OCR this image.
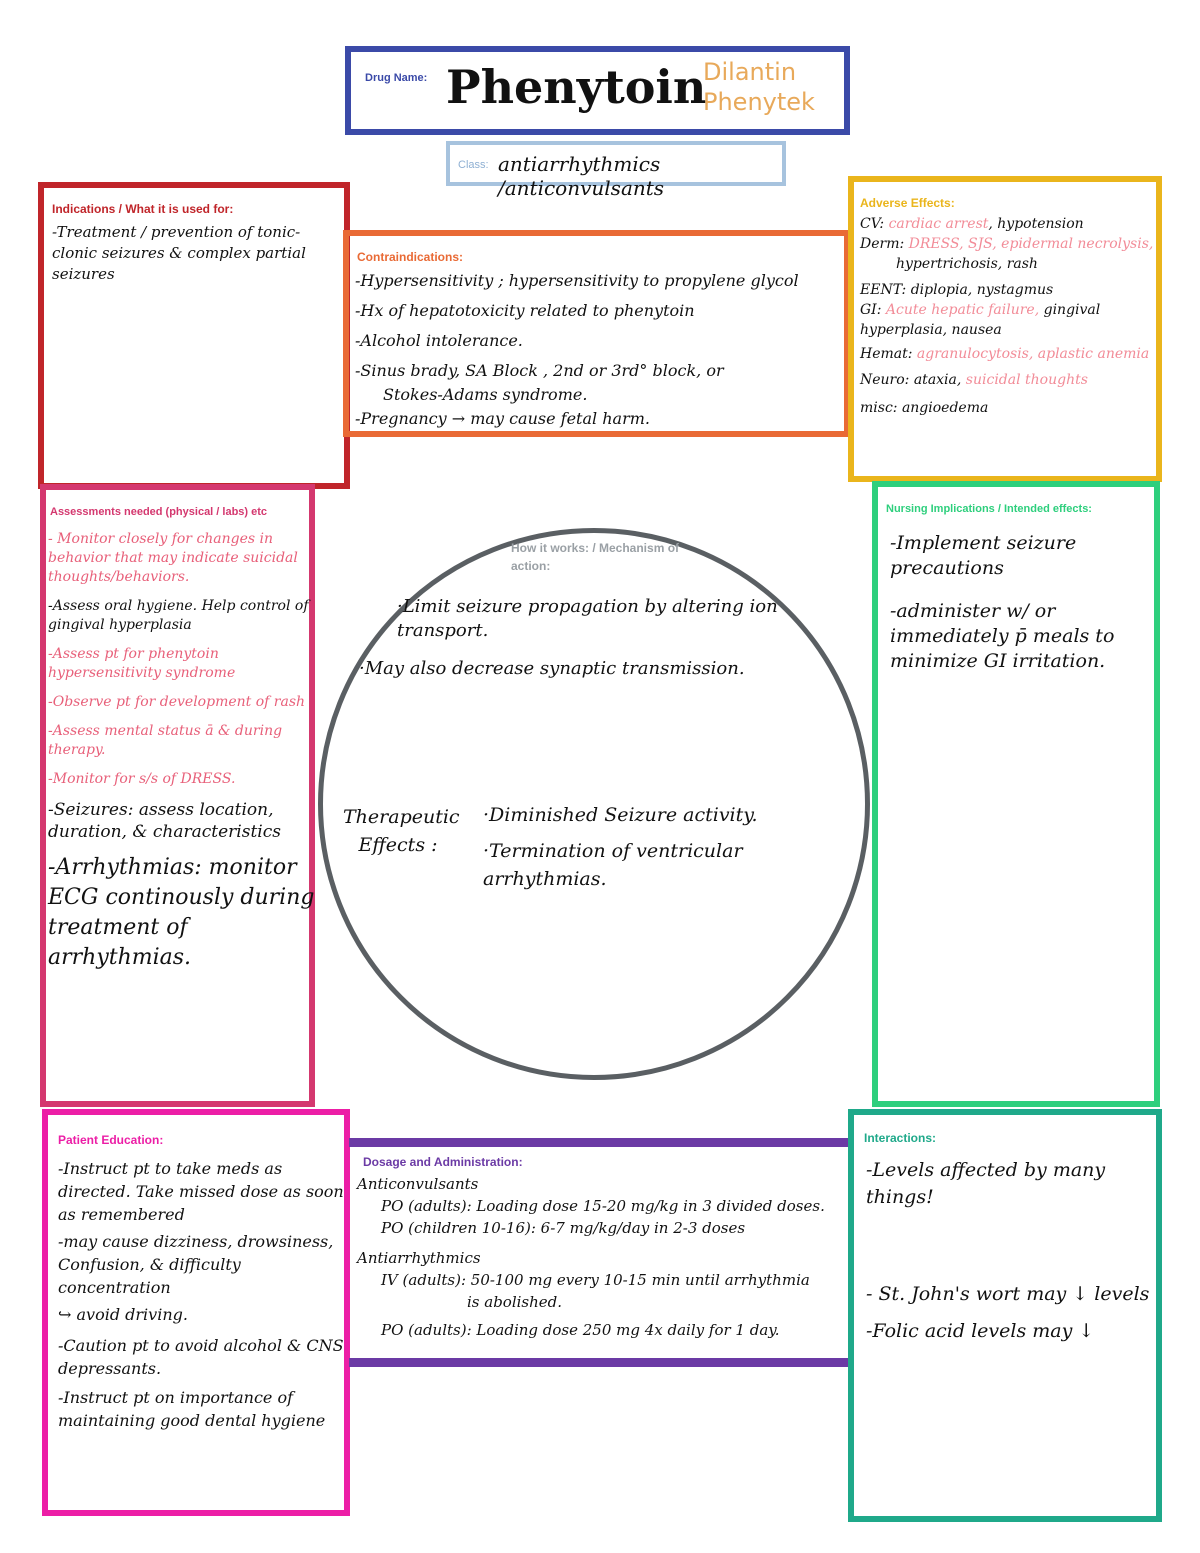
Drug Name: Phenytoin
Dilantin
Phenytek
Class: antiarrhythmics /anticonvulsants
Indications / What it is used for:

-Treatment / prevention of tonic-clonic seizures & complex partial seizures

Contraindications:

-Hypersensitivity ; hypersensitivity to propylene glycol

-Hx of hepatotoxicity related to phenytoin

-Alcohol intolerance.

-Sinus brady, SA Block , 2nd or 3rd° block, or

Stokes-Adams syndrome.

-Pregnancy → may cause fetal harm.

Adverse Effects:

CV: cardiac arrest, hypotension

Derm: DRESS, SJS, epidermal necrolysis,
hypertrichosis, rash

EENT: diplopia, nystagmus

GI: Acute hepatic failure, gingival hyperplasia, nausea

Hemat: agranulocytosis, aplastic anemia

Neuro: ataxia, suicidal thoughts

misc: angioedema

Assessments needed (physical / labs) etc

- Monitor closely for changes in behavior that may indicate suicidal thoughts/behaviors.

-Assess oral hygiene. Help control of gingival hyperplasia

-Assess pt for phenytoin hypersensitivity syndrome

-Observe pt for development of rash

-Assess mental status ā & during therapy.

-Monitor for s/s of DRESS.

-Seizures: assess location, duration, & characteristics

-Arrhythmias: monitor ECG continously during treatment of arrhythmias.

How it works: / Mechanism of action:

·Limit seizure propagation by altering ion transport.

·May also decrease synaptic transmission.

Therapeutic Effects :

·Diminished Seizure activity.

·Termination of ventricular arrhythmias.

Nursing Implications / Intended effects:

-Implement seizure precautions

-administer w/ or immediately p̄ meals to minimize GI irritation.

Patient Education:

-Instruct pt to take meds as directed. Take missed dose as soon as remembered

-may cause dizziness, drowsiness, Confusion, & difficulty concentration

↪ avoid driving.

-Caution pt to avoid alcohol & CNS depressants.

-Instruct pt on importance of maintaining good dental hygiene

Dosage and Administration:

Anticonvulsants

PO (adults): Loading dose 15-20 mg/kg in 3 divided doses.

PO (children 10-16): 6-7 mg/kg/day in 2-3 doses

Antiarrhythmics

IV (adults): 50-100 mg every 10-15 min until arrhythmia

is abolished.

PO (adults): Loading dose 250 mg 4x daily for 1 day.

Interactions:

-Levels affected by many things!

- St. John's wort may ↓ levels

-Folic acid levels may ↓
